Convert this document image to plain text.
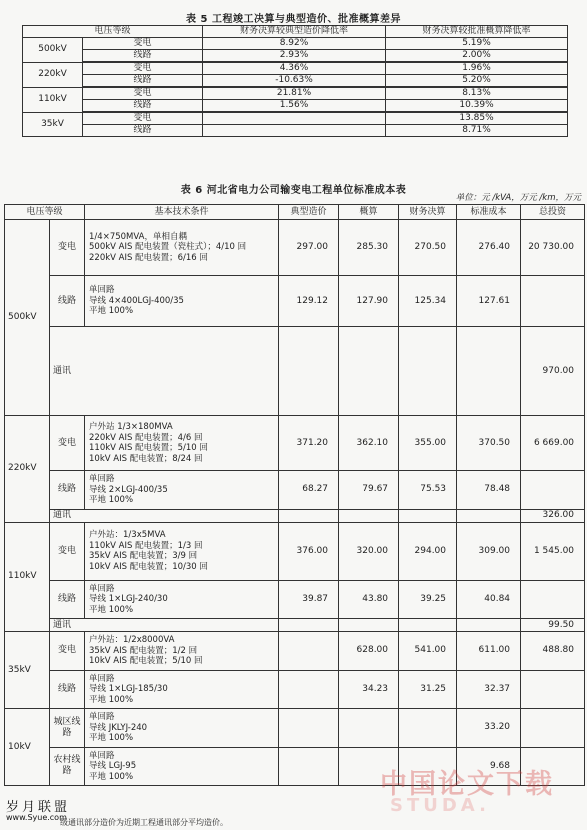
表 5 工程竣工决算与典型造价、批准概算差异
电压等级		财务决算较典型造价降低率	财务决算较批准概算降低率
500kV	变电	8.92%	5.19%
	线路	2.93%	2.00%
220kV	变电	4.36%	1.96%
	线路	-10.63%	5.20%
110kV	变电	21.81%	8.13%
	线路	1.56%	10.39%
35kV	变电		13.85%
	线路		8.71%
表 6 河北省电力公司输变电工程单位标准成本表
单位：元 /kVA，万元 /km，万元
电压等级		基本技术条件	典型造价	概算	财务决算	标准成本	总投资
500kV	变电	1/4×750MVA，单相自耦
500kV AIS 配电装置（瓷柱式）；4/10 回
220kV AIS 配电装置；6/16 回	297.00	285.30	270.50	276.40	20 730.00
	线路	单回路
导线 4×400LGJ-400/35
平地 100%	129.12	127.90	125.34	127.61	
	通讯						970.00
220kV	变电	户外站 1/3×180MVA
220kV AIS 配电装置；4/6 回
110kV AIS 配电装置；5/10 回
10kV AIS 配电装置；8/24 回	371.20	362.10	355.00	370.50	6 669.00
	线路	单回路
导线 2×LGJ-400/35
平地 100%	68.27	79.67	75.53	78.48	
	通讯						326.00
110kV	变电	户外站：1/3x5MVA
110kV AIS 配电装置；1/3 回
35kV AIS 配电装置；3/9 回
10kV AIS 配电装置；10/30 回	376.00	320.00	294.00	309.00	1 545.00
	线路	单回路
导线 1×LGJ-240/30
平地 100%	39.87	43.80	39.25	40.84	
	通讯						99.50
35kV	变电	户外站：1/2x8000VA
35kV AIS 配电装置；1/2 回
10kV AIS 配电装置；5/10 回		628.00	541.00	611.00	488.80
	线路	单回路
导线 1×LGJ-185/30
平地 100%		34.23	31.25	32.37	
10kV	城区线路	单回路
导线 JKLYJ-240
平地 100%				33.20	
	农村线路	单回路
导线 LGJ-95
平地 100%				9.68	
中国论文下载
STUDA.
岁月联盟
www.Syue.com
级通讯部分造价为近期工程通讯部分平均造价。
